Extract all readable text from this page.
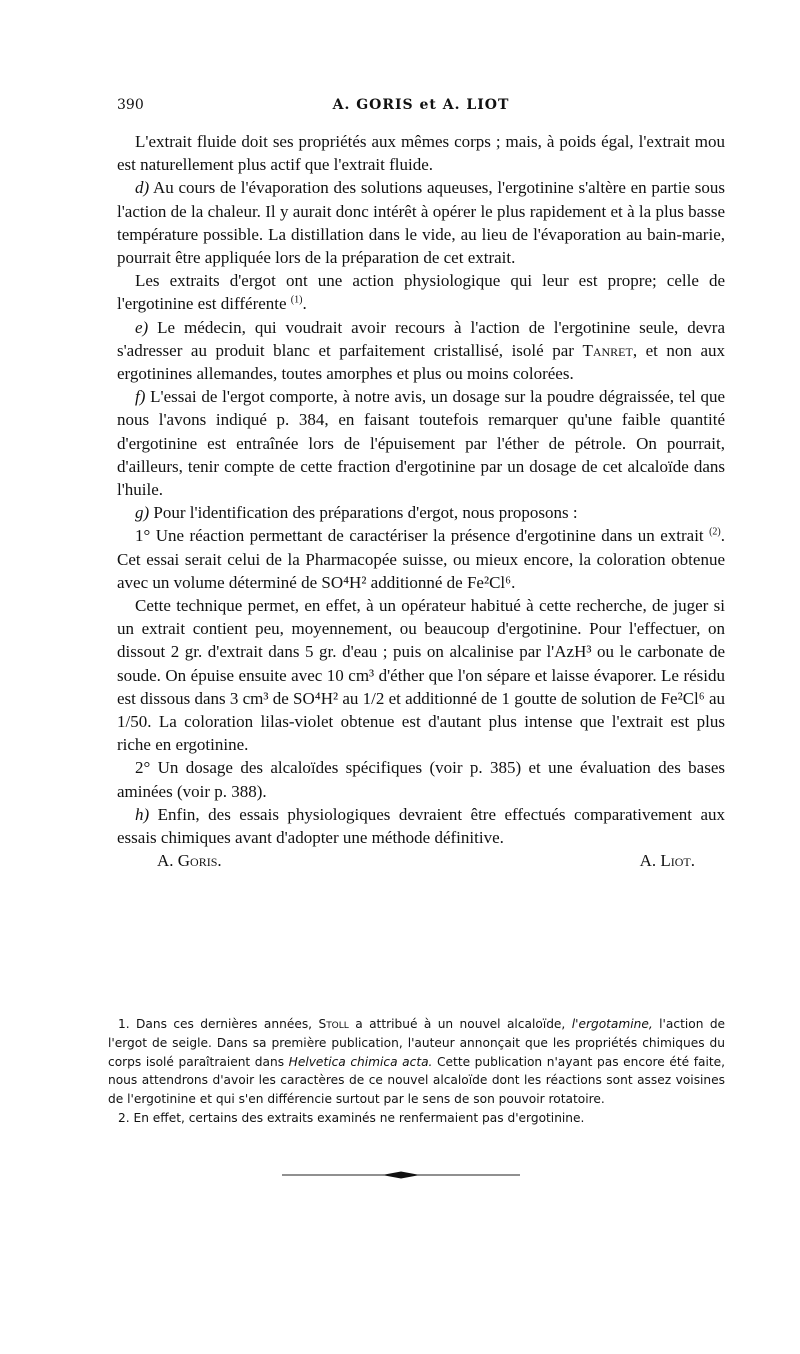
390	A. GORIS et A. LIOT

L'extrait fluide doit ses propriétés aux mêmes corps ; mais, à poids égal, l'extrait mou est naturellement plus actif que l'extrait fluide.

d) Au cours de l'évaporation des solutions aqueuses, l'ergotinine s'altère en partie sous l'action de la chaleur. Il y aurait donc intérêt à opérer le plus rapidement et à la plus basse température possible. La distillation dans le vide, au lieu de l'évaporation au bain-marie, pourrait être appliquée lors de la préparation de cet extrait.

Les extraits d'ergot ont une action physiologique qui leur est propre; celle de l'ergotinine est différente $^{(1)}$.

e) Le médecin, qui voudrait avoir recours à l'action de l'ergotinine seule, devra s'adresser au produit blanc et parfaitement cristallisé, isolé par Tanret, et non aux ergotinines allemandes, toutes amorphes et plus ou moins colorées.

f) L'essai de l'ergot comporte, à notre avis, un dosage sur la poudre dégraissée, tel que nous l'avons indiqué p. 384, en faisant toutefois remarquer qu'une faible quantité d'ergotinine est entraînée lors de l'épuisement par l'éther de pétrole. On pourrait, d'ailleurs, tenir compte de cette fraction d'ergotinine par un dosage de cet alcaloïde dans l'huile.

g) Pour l'identification des préparations d'ergot, nous proposons :

1° Une réaction permettant de caractériser la présence d'ergotinine dans un extrait $^{(2)}$. Cet essai serait celui de la Pharmacopée suisse, ou mieux encore, la coloration obtenue avec un volume déterminé de SO⁴H² additionné de Fe²Cl⁶.

Cette technique permet, en effet, à un opérateur habitué à cette recherche, de juger si un extrait contient peu, moyennement, ou beaucoup d'ergotinine. Pour l'effectuer, on dissout 2 gr. d'extrait dans 5 gr. d'eau ; puis on alcalinise par l'AzH³ ou le carbonate de soude. On épuise ensuite avec 10 cm³ d'éther que l'on sépare et laisse évaporer. Le résidu est dissous dans 3 cm³ de SO⁴H² au 1/2 et additionné de 1 goutte de solution de Fe²Cl⁶ au 1/50. La coloration lilas-violet obtenue est d'autant plus intense que l'extrait est plus riche en ergotinine.

2° Un dosage des alcaloïdes spécifiques (voir p. 385) et une évaluation des bases aminées (voir p. 388).

h) Enfin, des essais physiologiques devraient être effectués comparativement aux essais chimiques avant d'adopter une méthode définitive.

A. Goris.	A. Liot.

1. Dans ces dernières années, Stoll a attribué à un nouvel alcaloïde, l'ergotamine, l'action de l'ergot de seigle. Dans sa première publication, l'auteur annonçait que les propriétés chimiques du corps isolé paraîtraient dans Helvetica chimica acta. Cette publication n'ayant pas encore été faite, nous attendrons d'avoir les caractères de ce nouvel alcaloïde dont les réactions sont assez voisines de l'ergotinine et qui s'en différencie surtout par le sens de son pouvoir rotatoire.

2. En effet, certains des extraits examinés ne renfermaient pas d'ergotinine.
